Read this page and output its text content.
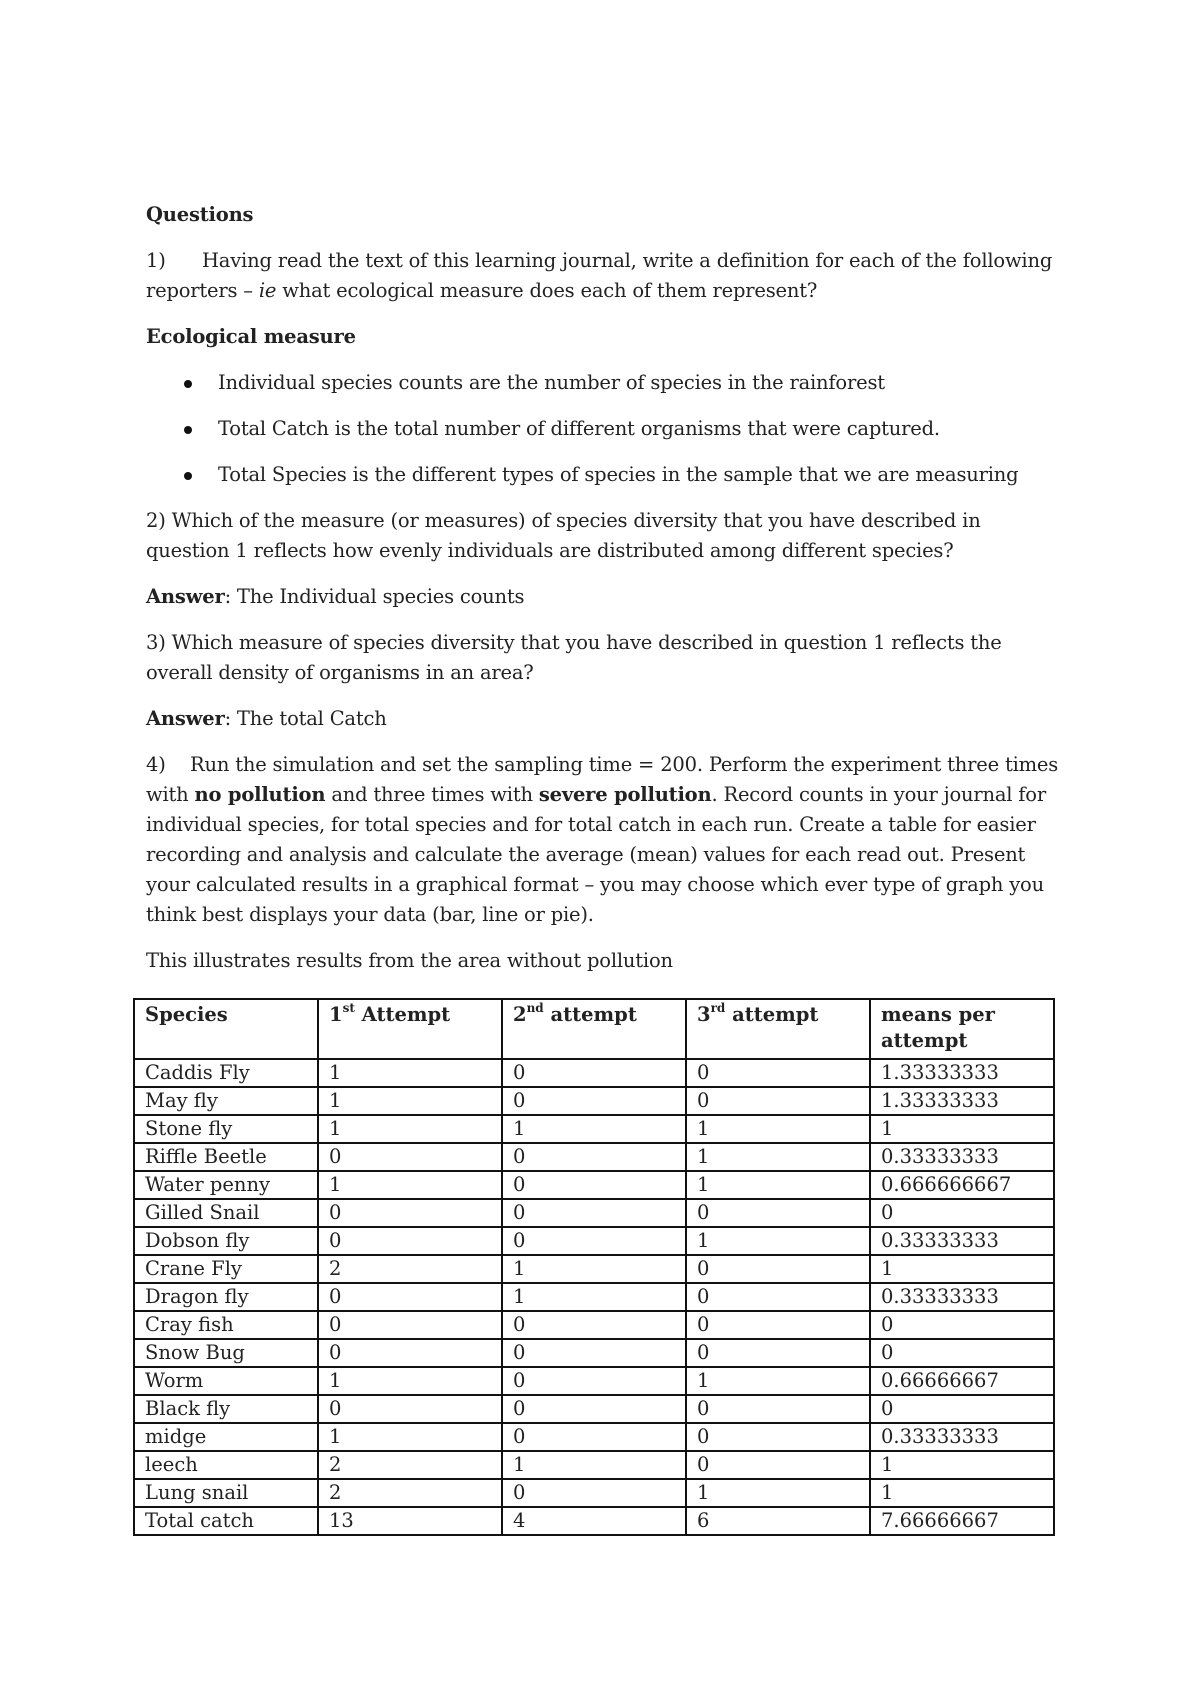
Questions

1) Having read the text of this learning journal, write a definition for each of the following reporters – ie what ecological measure does each of them represent?

Ecological measure

Individual species counts are the number of species in the rainforest
Total Catch is the total number of different organisms that were captured.
Total Species is the different types of species in the sample that we are measuring

2) Which of the measure (or measures) of species diversity that you have described in question 1 reflects how evenly individuals are distributed among different species?

Answer: The Individual species counts

3) Which measure of species diversity that you have described in question 1 reflects the overall density of organisms in an area?

Answer: The total Catch

4) Run the simulation and set the sampling time = 200. Perform the experiment three times with no pollution and three times with severe pollution. Record counts in your journal for individual species, for total species and for total catch in each run. Create a table for easier recording and analysis and calculate the average (mean) values for each read out. Present your calculated results in a graphical format – you may choose which ever type of graph you think best displays your data (bar, line or pie).

This illustrates results from the area without pollution

Species	1st Attempt	2nd attempt	3rd attempt	means per attempt
Caddis Fly	1	0	0	1.33333333
May fly	1	0	0	1.33333333
Stone fly	1	1	1	1
Riffle Beetle	0	0	1	0.33333333
Water penny	1	0	1	0.666666667
Gilled Snail	0	0	0	0
Dobson fly	0	0	1	0.33333333
Crane Fly	2	1	0	1
Dragon fly	0	1	0	0.33333333
Cray fish	0	0	0	0
Snow Bug	0	0	0	0
Worm	1	0	1	0.66666667
Black fly	0	0	0	0
midge	1	0	0	0.33333333
leech	2	1	0	1
Lung snail	2	0	1	1
Total catch	13	4	6	7.66666667
